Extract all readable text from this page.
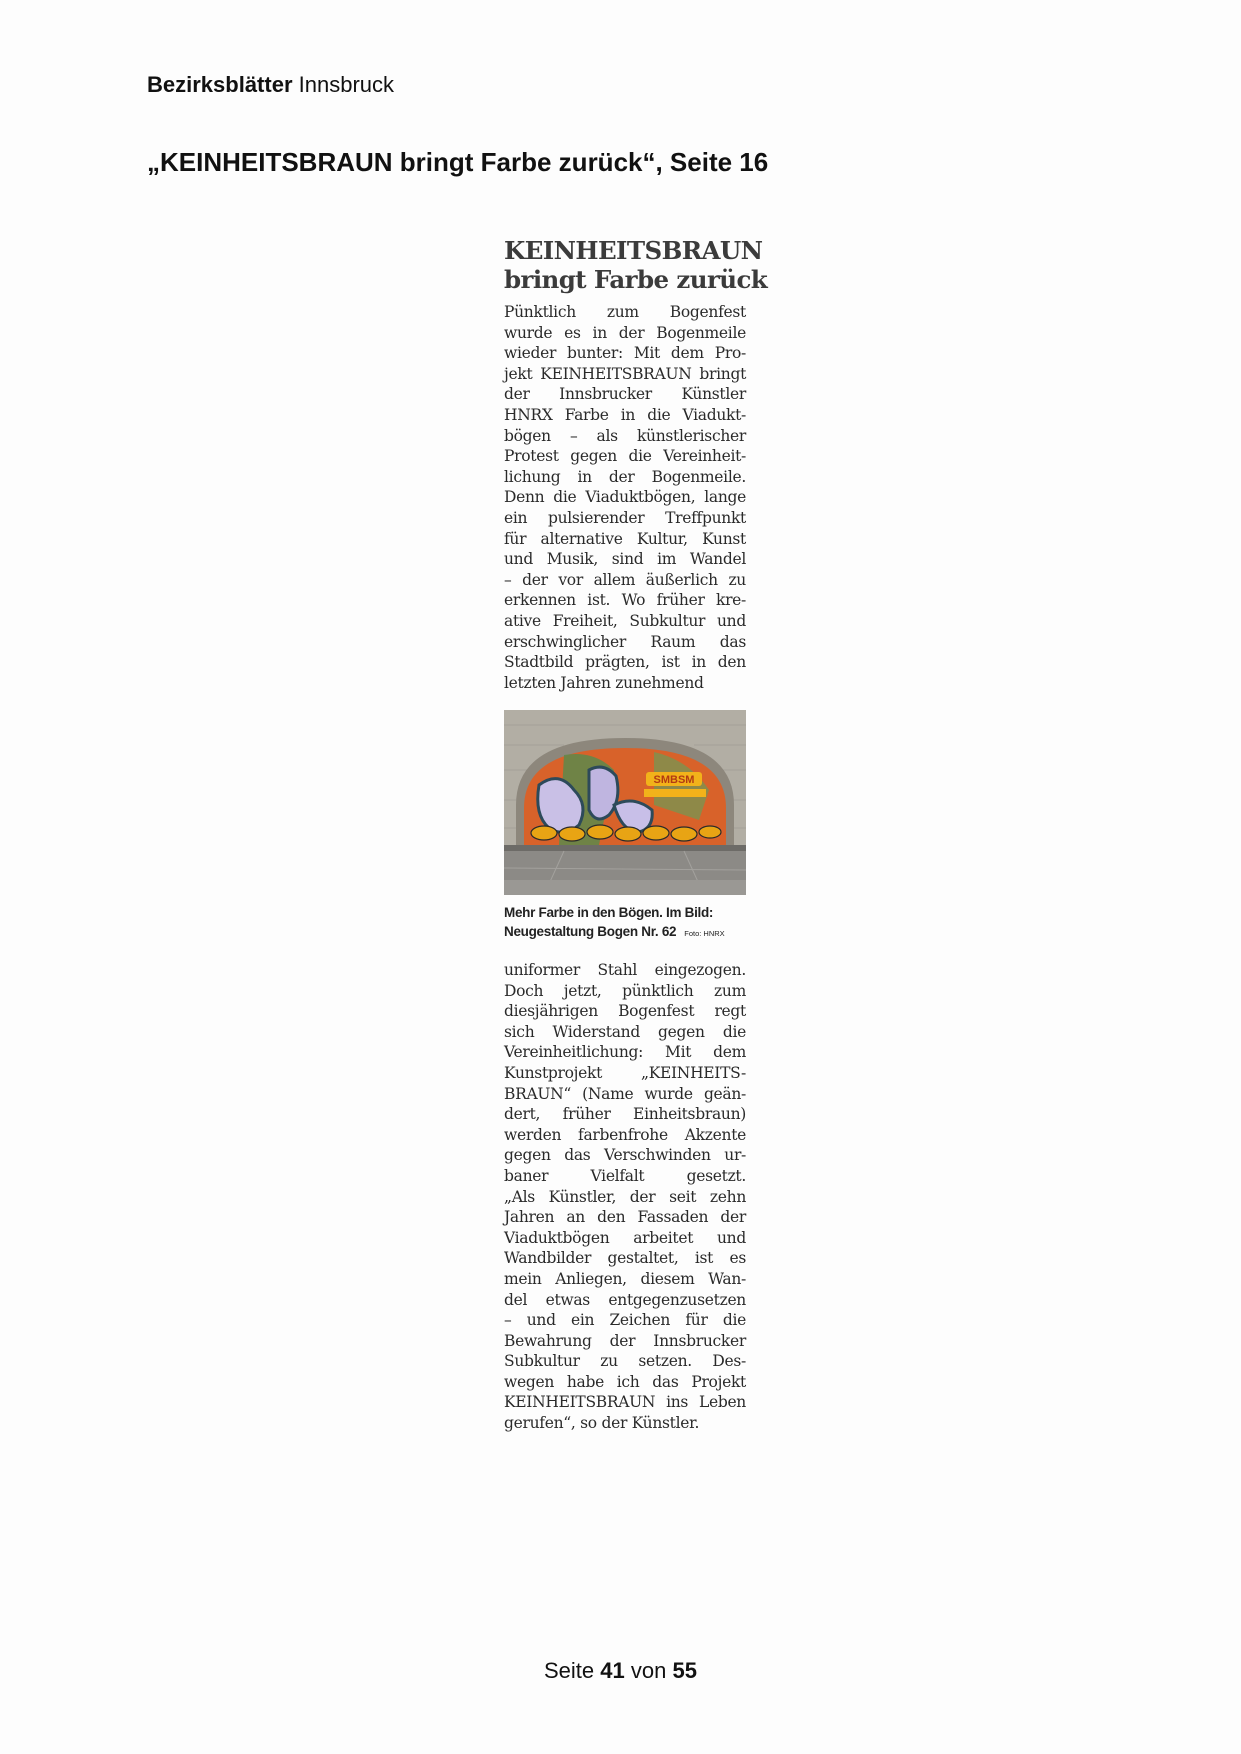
Bezirksblätter Innsbruck
„KEINHEITSBRAUN bringt Farbe zurück“, Seite 16
KEINHEITSBRAUN
bringt Farbe zurück
Pünktlich zum Bogenfest
wurde es in der Bogenmeile
wieder bunter: Mit dem Pro-
jekt KEINHEITSBRAUN bringt
der Innsbrucker Künstler
HNRX Farbe in die Viadukt-
bögen – als künstlerischer
Protest gegen die Vereinheit-
lichung in der Bogenmeile.
Denn die Viaduktbögen, lange
ein pulsierender Treffpunkt
für alternative Kultur, Kunst
und Musik, sind im Wandel
– der vor allem äußerlich zu
erkennen ist. Wo früher kre-
ative Freiheit, Subkultur und
erschwinglicher Raum das
Stadtbild prägten, ist in den
letzten Jahren zunehmend
SMBSM
Mehr Farbe in den Bögen. Im Bild:
Neugestaltung Bogen Nr. 62 Foto: HNRX
uniformer Stahl eingezogen.
Doch jetzt, pünktlich zum
diesjährigen Bogenfest regt
sich Widerstand gegen die
Vereinheitlichung: Mit dem
Kunstprojekt „KEINHEITS-
BRAUN“ (Name wurde geän-
dert, früher Einheitsbraun)
werden farbenfrohe Akzente
gegen das Verschwinden ur-
baner Vielfalt gesetzt.
„Als Künstler, der seit zehn
Jahren an den Fassaden der
Viaduktbögen arbeitet und
Wandbilder gestaltet, ist es
mein Anliegen, diesem Wan-
del etwas entgegenzusetzen
– und ein Zeichen für die
Bewahrung der Innsbrucker
Subkultur zu setzen. Des-
wegen habe ich das Projekt
KEINHEITSBRAUN ins Leben
gerufen“, so der Künstler.
Seite 41 von 55
